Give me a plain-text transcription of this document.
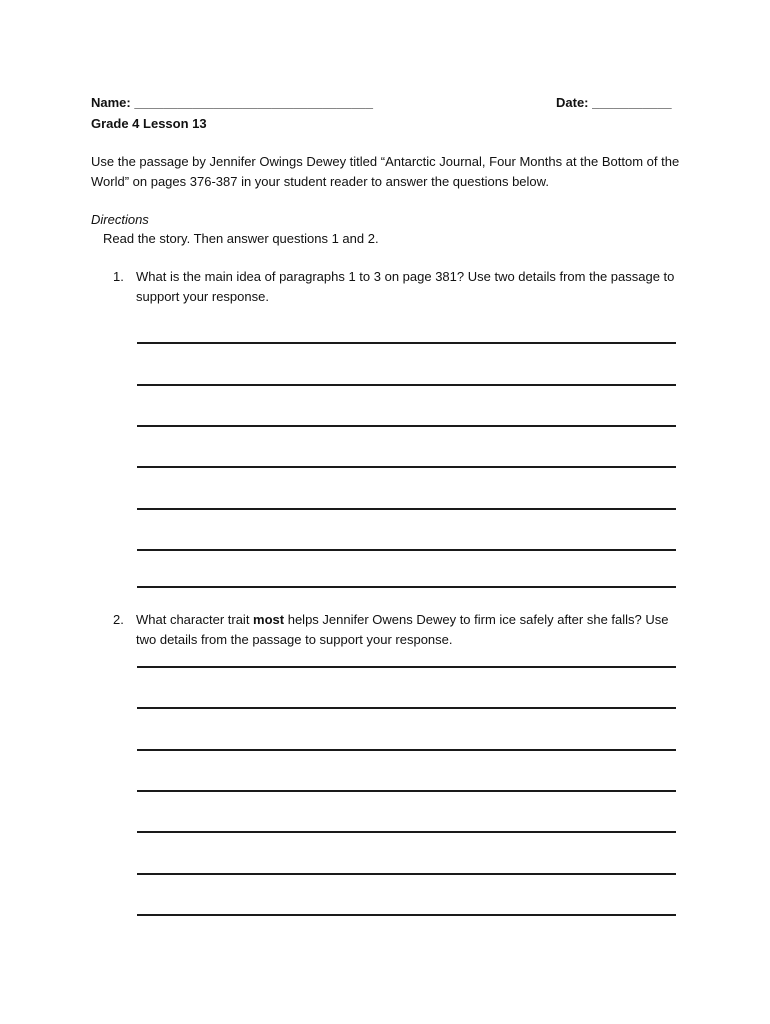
Name: _________________________________	Date: ___________
Grade 4 Lesson 13
Use the passage by Jennifer Owings Dewey titled “Antarctic Journal, Four Months at the Bottom of the World” on pages 376-387 in your student reader to answer the questions below.
Directions
Read the story. Then answer questions 1 and 2.
1. What is the main idea of paragraphs 1 to 3 on page 381? Use two details from the passage to support your response.
2. What character trait most helps Jennifer Owens Dewey to firm ice safely after she falls? Use two details from the passage to support your response.
